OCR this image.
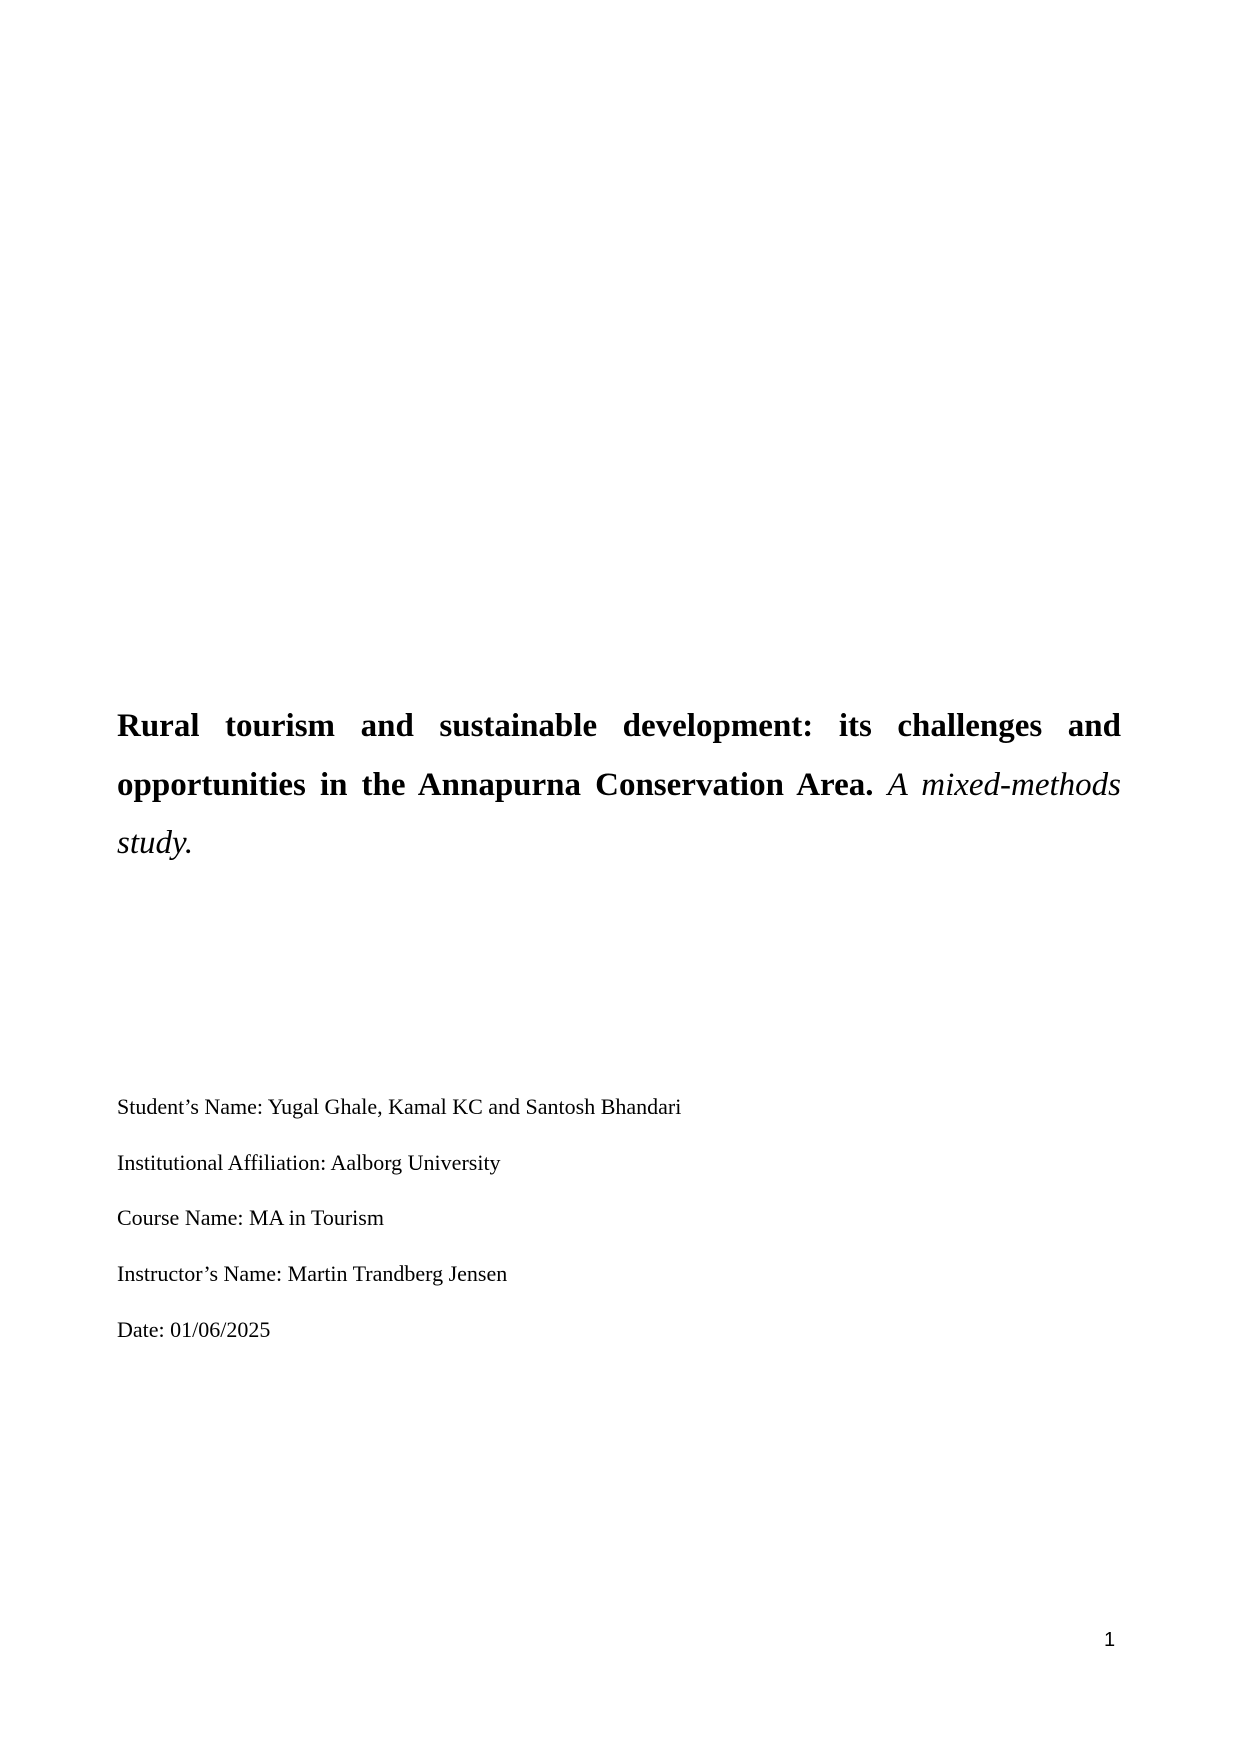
Rural tourism and sustainable development: its challenges and opportunities in the Annapurna Conservation Area. A mixed-methods study.
Student’s Name: Yugal Ghale, Kamal KC and Santosh Bhandari
Institutional Affiliation: Aalborg University
Course Name: MA in Tourism
Instructor’s Name: Martin Trandberg Jensen
Date: 01/06/2025
1
